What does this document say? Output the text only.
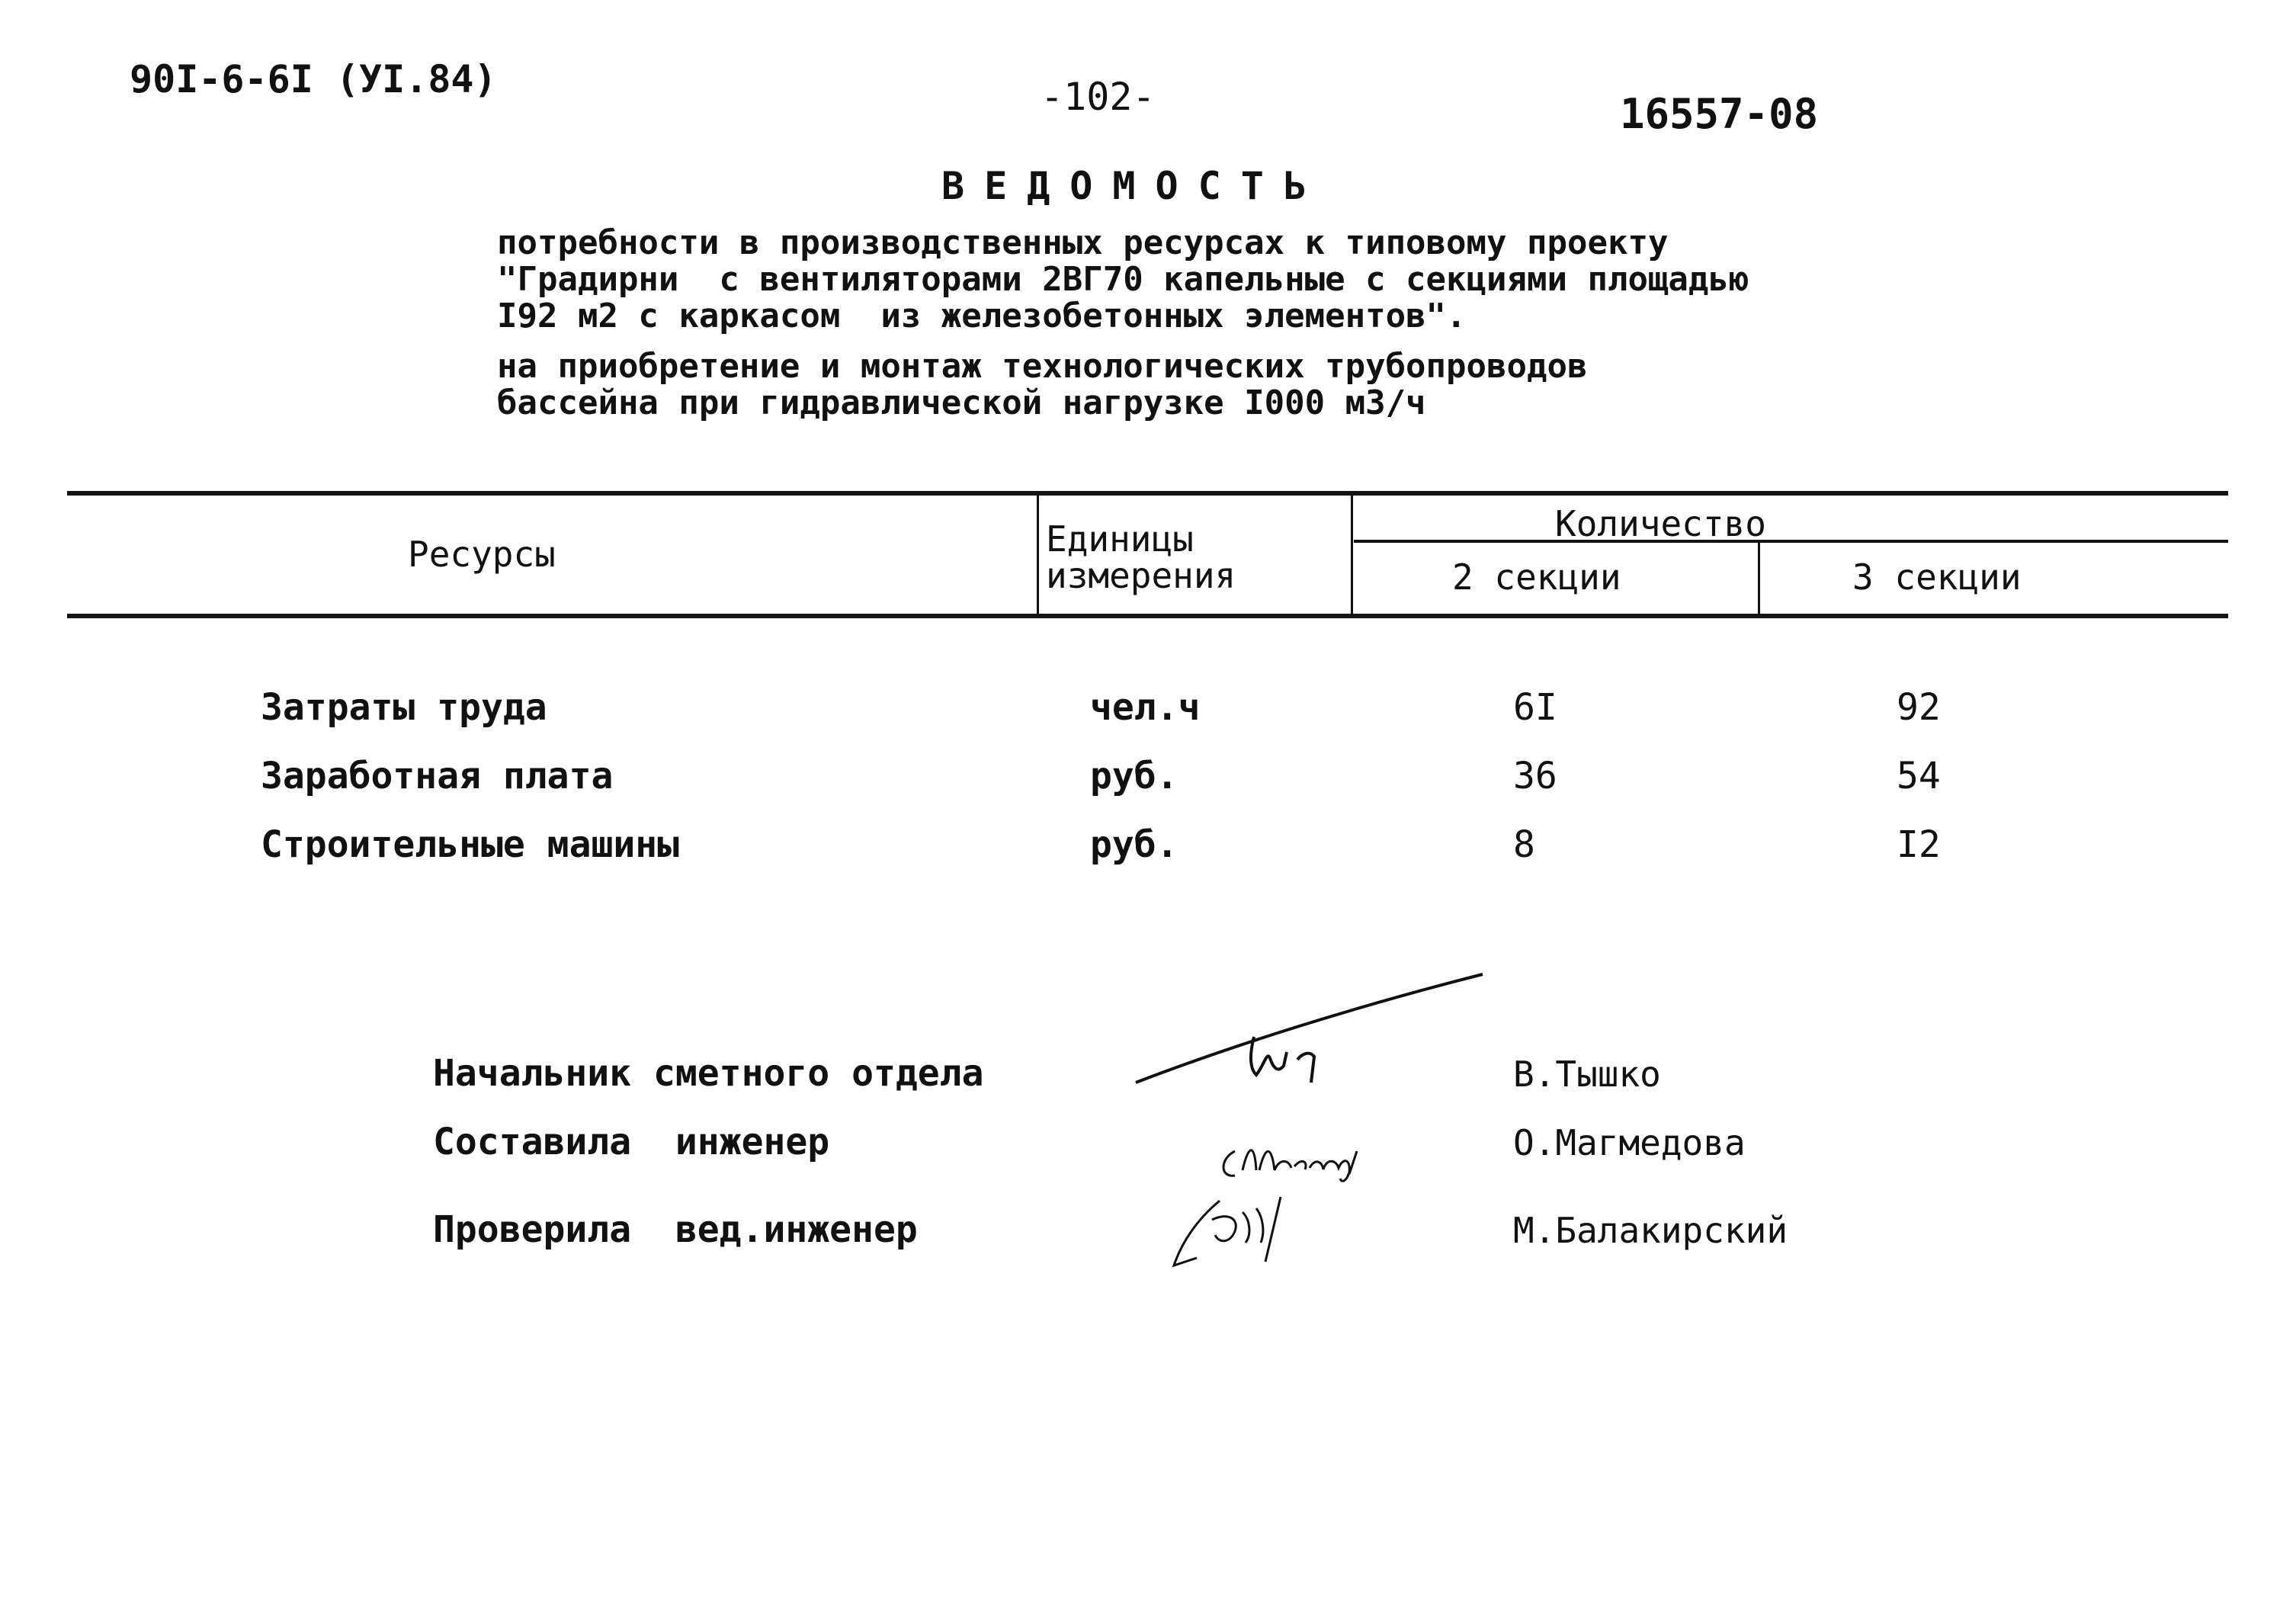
90I-6-6I (УI.84)	-102-	16557-08
ВЕДОМОСТЬ
потребности в производственных ресурсах к типовому проекту
"Градирни  с вентиляторами 2ВГ70 капельные с секциями площадью
I92 м2 с каркасом  из железобетонных элементов".
на приобретение и монтаж технологических трубопроводов
бассейна при гидравлической нагрузке I000 м3/ч
Ресурсы	Единицы
измерения
Количество
2 секции	3 секции
Затраты труда	чел.ч	6I	92
Заработная плата	руб.	36	54
Строительные машины	руб.	8	I2
Начальник сметного отдела	В.Тышко
Составила  инженер	О.Магмедова
Проверила  вед.инженер	М.Балакирский
